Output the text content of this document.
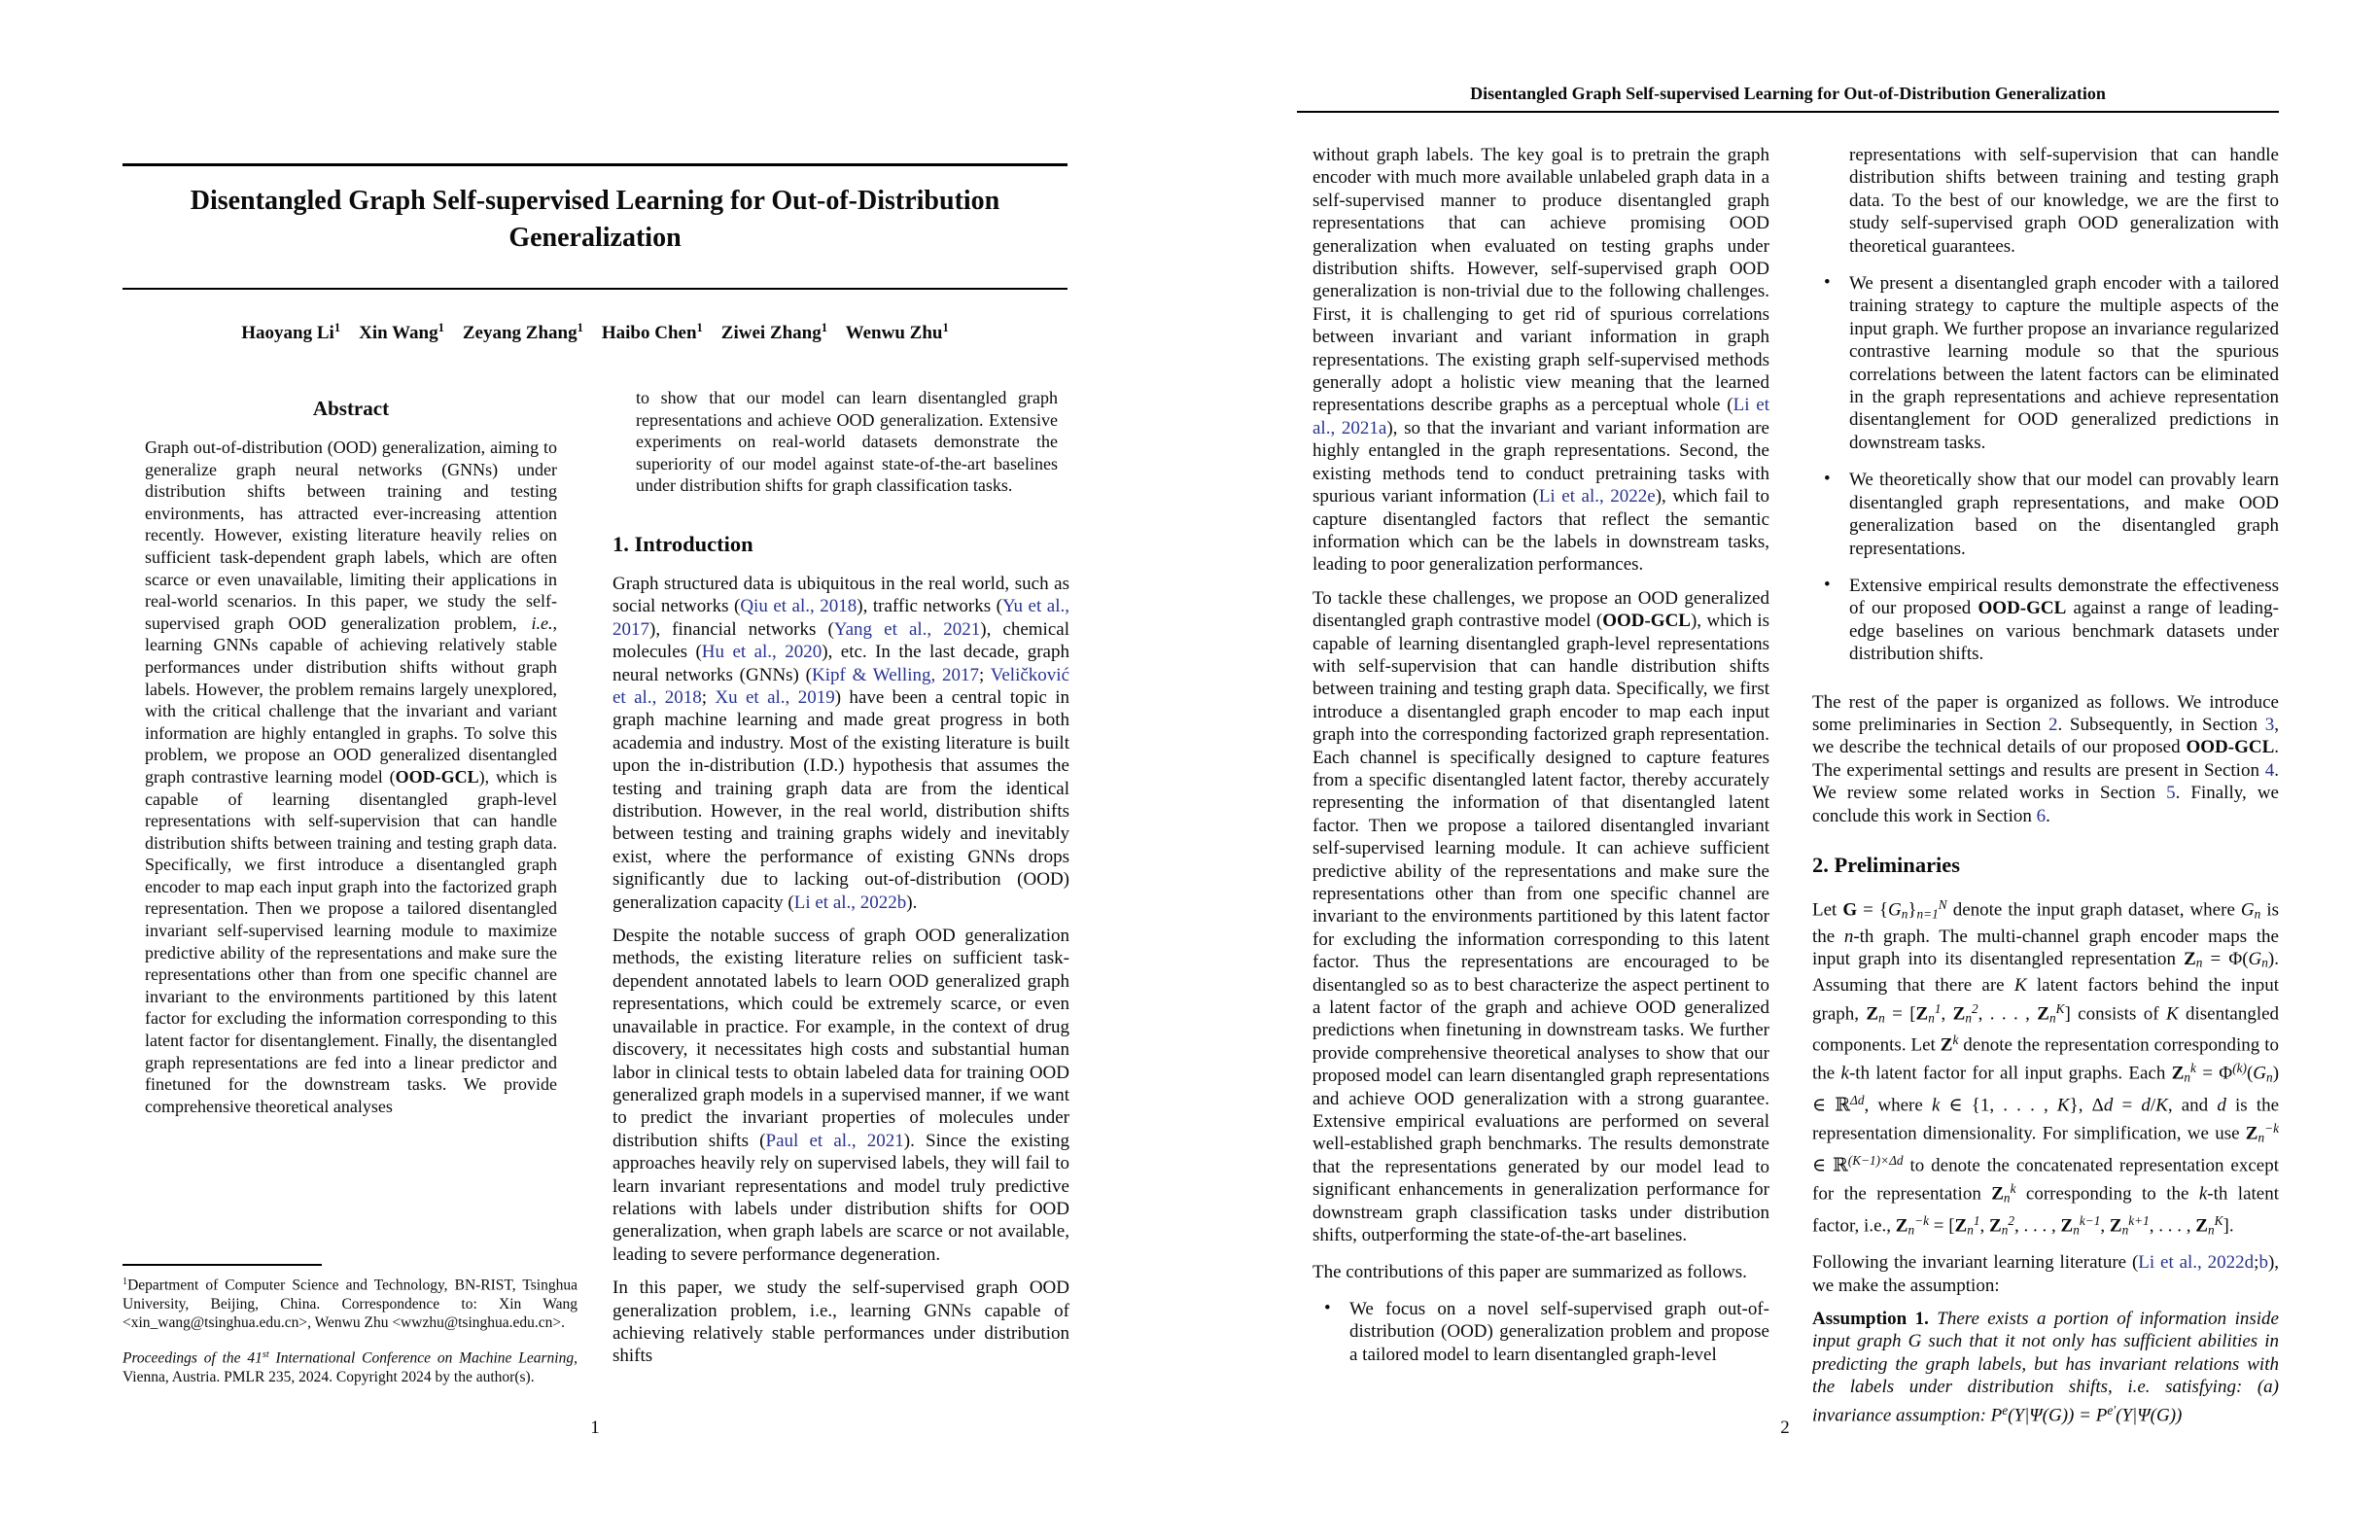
Disentangled Graph Self-supervised Learning for Out-of-Distribution Generalization
Haoyang Li$^1$    Xin Wang$^1$    Zeyang Zhang$^1$    Haibo Chen$^1$    Ziwei Zhang$^1$    Wenwu Zhu$^1$
Abstract
Graph out-of-distribution (OOD) generalization, aiming to generalize graph neural networks (GNNs) under distribution shifts between training and testing environments, has attracted ever-increasing attention recently. However, existing literature heavily relies on sufficient task-dependent graph labels, which are often scarce or even unavailable, limiting their applications in real-world scenarios. In this paper, we study the self-supervised graph OOD generalization problem, i.e., learning GNNs capable of achieving relatively stable performances under distribution shifts without graph labels. However, the problem remains largely unexplored, with the critical challenge that the invariant and variant information are highly entangled in graphs. To solve this problem, we propose an OOD generalized disentangled graph contrastive learning model (OOD-GCL), which is capable of learning disentangled graph-level representations with self-supervision that can handle distribution shifts between training and testing graph data. Specifically, we first introduce a disentangled graph encoder to map each input graph into the factorized graph representation. Then we propose a tailored disentangled invariant self-supervised learning module to maximize predictive ability of the representations and make sure the representations other than from one specific channel are invariant to the environments partitioned by this latent factor for excluding the information corresponding to this latent factor for disentanglement. Finally, the disentangled graph representations are fed into a linear predictor and finetuned for the downstream tasks. We provide comprehensive theoretical analyses
$^1$Department of Computer Science and Technology, BN-RIST, Tsinghua University, Beijing, China. Correspondence to: Xin Wang <xin_wang@tsinghua.edu.cn>, Wenwu Zhu <wwzhu@tsinghua.edu.cn>.
Proceedings of the 41st International Conference on Machine Learning, Vienna, Austria. PMLR 235, 2024. Copyright 2024 by the author(s).
to show that our model can learn disentangled graph representations and achieve OOD generalization. Extensive experiments on real-world datasets demonstrate the superiority of our model against state-of-the-art baselines under distribution shifts for graph classification tasks.
1. Introduction
Graph structured data is ubiquitous in the real world, such as social networks (Qiu et al., 2018), traffic networks (Yu et al., 2017), financial networks (Yang et al., 2021), chemical molecules (Hu et al., 2020), etc. In the last decade, graph neural networks (GNNs) (Kipf & Welling, 2017; Veličković et al., 2018; Xu et al., 2019) have been a central topic in graph machine learning and made great progress in both academia and industry. Most of the existing literature is built upon the in-distribution (I.D.) hypothesis that assumes the testing and training graph data are from the identical distribution. However, in the real world, distribution shifts between testing and training graphs widely and inevitably exist, where the performance of existing GNNs drops significantly due to lacking out-of-distribution (OOD) generalization capacity (Li et al., 2022b).
Despite the notable success of graph OOD generalization methods, the existing literature relies on sufficient task-dependent annotated labels to learn OOD generalized graph representations, which could be extremely scarce, or even unavailable in practice. For example, in the context of drug discovery, it necessitates high costs and substantial human labor in clinical tests to obtain labeled data for training OOD generalized graph models in a supervised manner, if we want to predict the invariant properties of molecules under distribution shifts (Paul et al., 2021). Since the existing approaches heavily rely on supervised labels, they will fail to learn invariant representations and model truly predictive relations with labels under distribution shifts for OOD generalization, when graph labels are scarce or not available, leading to severe performance degeneration.
In this paper, we study the self-supervised graph OOD generalization problem, i.e., learning GNNs capable of achieving relatively stable performances under distribution shifts
1
Disentangled Graph Self-supervised Learning for Out-of-Distribution Generalization
without graph labels. The key goal is to pretrain the graph encoder with much more available unlabeled graph data in a self-supervised manner to produce disentangled graph representations that can achieve promising OOD generalization when evaluated on testing graphs under distribution shifts. However, self-supervised graph OOD generalization is non-trivial due to the following challenges. First, it is challenging to get rid of spurious correlations between invariant and variant information in graph representations. The existing graph self-supervised methods generally adopt a holistic view meaning that the learned representations describe graphs as a perceptual whole (Li et al., 2021a), so that the invariant and variant information are highly entangled in the graph representations. Second, the existing methods tend to conduct pretraining tasks with spurious variant information (Li et al., 2022e), which fail to capture disentangled factors that reflect the semantic information which can be the labels in downstream tasks, leading to poor generalization performances.
To tackle these challenges, we propose an OOD generalized disentangled graph contrastive model (OOD-GCL), which is capable of learning disentangled graph-level representations with self-supervision that can handle distribution shifts between training and testing graph data. Specifically, we first introduce a disentangled graph encoder to map each input graph into the corresponding factorized graph representation. Each channel is specifically designed to capture features from a specific disentangled latent factor, thereby accurately representing the information of that disentangled latent factor. Then we propose a tailored disentangled invariant self-supervised learning module. It can achieve sufficient predictive ability of the representations and make sure the representations other than from one specific channel are invariant to the environments partitioned by this latent factor for excluding the information corresponding to this latent factor. Thus the representations are encouraged to be disentangled so as to best characterize the aspect pertinent to a latent factor of the graph and achieve OOD generalized predictions when finetuning in downstream tasks. We further provide comprehensive theoretical analyses to show that our proposed model can learn disentangled graph representations and achieve OOD generalization with a strong guarantee. Extensive empirical evaluations are performed on several well-established graph benchmarks. The results demonstrate that the representations generated by our model lead to significant enhancements in generalization performance for downstream graph classification tasks under distribution shifts, outperforming the state-of-the-art baselines.
The contributions of this paper are summarized as follows.
•	We focus on a novel self-supervised graph out-of-distribution (OOD) generalization problem and propose a tailored model to learn disentangled graph-level
representations with self-supervision that can handle distribution shifts between training and testing graph data. To the best of our knowledge, we are the first to study self-supervised graph OOD generalization with theoretical guarantees.
•	We present a disentangled graph encoder with a tailored training strategy to capture the multiple aspects of the input graph. We further propose an invariance regularized contrastive learning module so that the spurious correlations between the latent factors can be eliminated in the graph representations and achieve representation disentanglement for OOD generalized predictions in downstream tasks.
•	We theoretically show that our model can provably learn disentangled graph representations, and make OOD generalization based on the disentangled graph representations.
•	Extensive empirical results demonstrate the effectiveness of our proposed OOD-GCL against a range of leading-edge baselines on various benchmark datasets under distribution shifts.
The rest of the paper is organized as follows. We introduce some preliminaries in Section 2. Subsequently, in Section 3, we describe the technical details of our proposed OOD-GCL. The experimental settings and results are present in Section 4. We review some related works in Section 5. Finally, we conclude this work in Section 6.
2. Preliminaries
Let $G = \{Gn\}n=1^N$ denote the input graph dataset, where Gn is the n-th graph. The multi-channel graph encoder maps the input graph into its disentangled representation Zn = Φ(Gn). Assuming that there are K latent factors behind the input graph, $Zn = [Zn^1$, Zn$^2$, . . . , $Zn^K$] consists of K disentangled components. Let $Z^k$ denote the representation corresponding to the k-th latent factor for all input graphs. Each $Zn^k = \Phi^{(k)}(Gn)$ ∈ ℝ$^{\Delta d}$, where k ∈ {1, . . . , K}, Δd = d/K, and d is the representation dimensionality. For simplification, we use $Zn^{-k}$ ∈ ℝ$^{(K-1)\times\Delta d}$ to denote the concatenated representation except for the representation Zn$^k$ corresponding to the k-th latent factor, i.e., $Zn^{-k} = [Zn^1$, Zn$^2$, . . . , $Zn^{k-1}$, $Zn^{k+1}$, . . . , $Zn^K$].
Following the invariant learning literature (Li et al., 2022d;b), we make the assumption:
Assumption 1. There exists a portion of information inside input graph G such that it not only has sufficient abilities in predicting the graph labels, but has invariant relations with the labels under distribution shifts, i.e. satisfying: (a) invariance assumption: $P^e(Y|\Psi(G)) = P^{e'}(Y|\Psi(G))$
2
